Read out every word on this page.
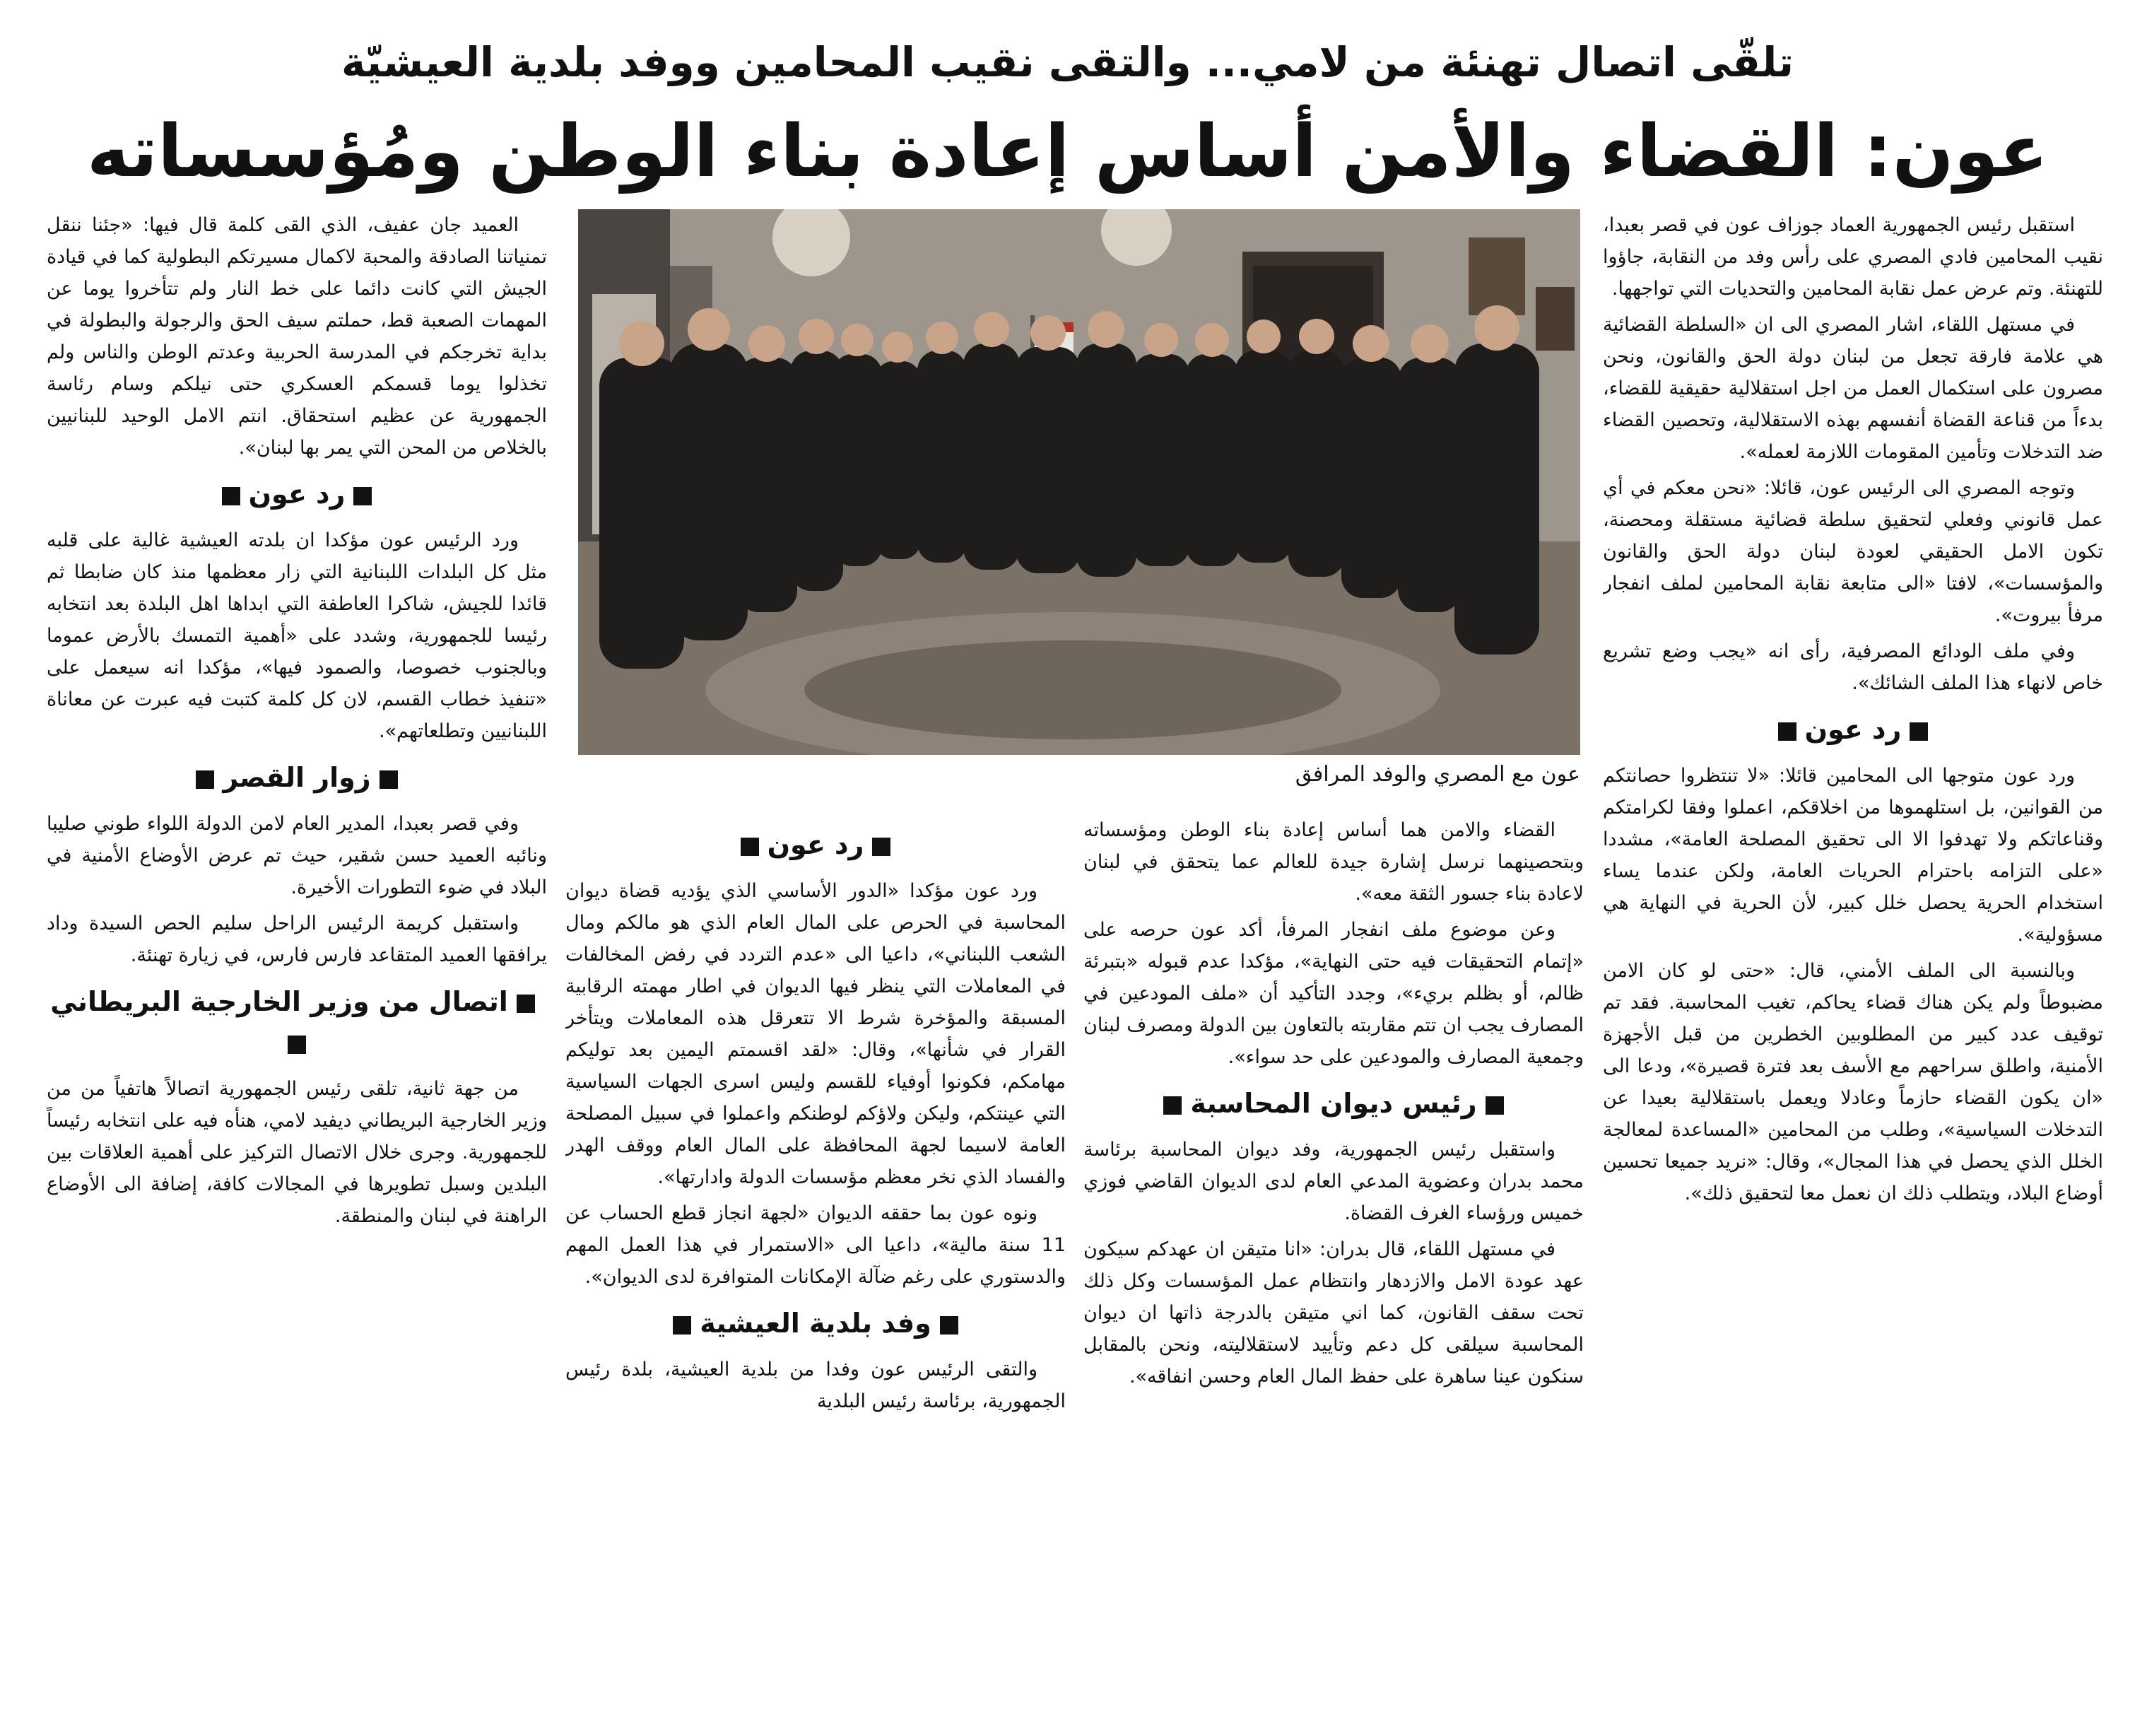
تلقّى اتصال تهنئة من لامي... والتقى نقيب المحامين ووفد بلدية العيشيّة
عون: القضاء والأمن أساس إعادة بناء الوطن ومُؤسساته

استقبل رئيس الجمهورية العماد جوزاف عون في قصر بعبدا، نقيب المحامين فادي المصري على رأس وفد من النقابة، جاؤوا للتهنئة. وتم عرض عمل نقابة المحامين والتحديات التي تواجهها.

في مستهل اللقاء، اشار المصري الى ان «السلطة القضائية هي علامة فارقة تجعل من لبنان دولة الحق والقانون، ونحن مصرون على استكمال العمل من اجل استقلالية حقيقية للقضاء، بدءاً من قناعة القضاة أنفسهم بهذه الاستقلالية، وتحصين القضاء ضد التدخلات وتأمين المقومات اللازمة لعمله».

وتوجه المصري الى الرئيس عون، قائلا: «نحن معكم في أي عمل قانوني وفعلي لتحقيق سلطة قضائية مستقلة ومحصنة، تكون الامل الحقيقي لعودة لبنان دولة الحق والقانون والمؤسسات»، لافتا «الى متابعة نقابة المحامين لملف انفجار مرفأ بيروت».

وفي ملف الودائع المصرفية، رأى انه «يجب وضع تشريع خاص لانهاء هذا الملف الشائك».

رد عون

ورد عون متوجها الى المحامين قائلا: «لا تنتظروا حصانتكم من القوانين، بل استلهموها من اخلاقكم، اعملوا وفقا لكرامتكم وقناعاتكم ولا تهدفوا الا الى تحقيق المصلحة العامة»، مشددا «على التزامه باحترام الحريات العامة، ولكن عندما يساء استخدام الحرية يحصل خلل كبير، لأن الحرية في النهاية هي مسؤولية».

وبالنسبة الى الملف الأمني، قال: «حتى لو كان الامن مضبوطاً ولم يكن هناك قضاء يحاكم، تغيب المحاسبة. فقد تم توقيف عدد كبير من المطلوبين الخطرين من قبل الأجهزة الأمنية، واطلق سراحهم مع الأسف بعد فترة قصيرة»، ودعا الى «ان يكون القضاء حازماً وعادلا ويعمل باستقلالية بعيدا عن التدخلات السياسية»، وطلب من المحامين «المساعدة لمعالجة الخلل الذي يحصل في هذا المجال»، وقال: «نريد جميعا تحسين أوضاع البلاد، ويتطلب ذلك ان نعمل معا لتحقيق ذلك».

عون مع المصري والوفد المرافق

القضاء والامن هما أساس إعادة بناء الوطن ومؤسساته وبتحصينهما نرسل إشارة جيدة للعالم عما يتحقق في لبنان لاعادة بناء جسور الثقة معه».

وعن موضوع ملف انفجار المرفأ، أكد عون حرصه على «إتمام التحقيقات فيه حتى النهاية»، مؤكدا عدم قبوله «بتبرئة ظالم، أو بظلم بريء»، وجدد التأكيد أن «ملف المودعين في المصارف يجب ان تتم مقاربته بالتعاون بين الدولة ومصرف لبنان وجمعية المصارف والمودعين على حد سواء».

رئيس ديوان المحاسبة

واستقبل رئيس الجمهورية، وفد ديوان المحاسبة برئاسة محمد بدران وعضوية المدعي العام لدى الديوان القاضي فوزي خميس ورؤساء الغرف القضاة.

في مستهل اللقاء، قال بدران: «انا متيقن ان عهدكم سيكون عهد عودة الامل والازدهار وانتظام عمل المؤسسات وكل ذلك تحت سقف القانون، كما اني متيقن بالدرجة ذاتها ان ديوان المحاسبة سيلقى كل دعم وتأييد لاستقلاليته، ونحن بالمقابل سنكون عينا ساهرة على حفظ المال العام وحسن انفاقه».

رد عون

ورد عون مؤكدا «الدور الأساسي الذي يؤديه قضاة ديوان المحاسبة في الحرص على المال العام الذي هو مالكم ومال الشعب اللبناني»، داعيا الى «عدم التردد في رفض المخالفات في المعاملات التي ينظر فيها الديوان في اطار مهمته الرقابية المسبقة والمؤخرة شرط الا تتعرقل هذه المعاملات ويتأخر القرار في شأنها»، وقال: «لقد اقسمتم اليمين بعد توليكم مهامكم، فكونوا أوفياء للقسم وليس اسرى الجهات السياسية التي عينتكم، وليكن ولاؤكم لوطنكم واعملوا في سبيل المصلحة العامة لاسيما لجهة المحافظة على المال العام ووقف الهدر والفساد الذي نخر معظم مؤسسات الدولة وادارتها».

ونوه عون بما حققه الديوان «لجهة انجاز قطع الحساب عن 11 سنة مالية»، داعيا الى «الاستمرار في هذا العمل المهم والدستوري على رغم ضآلة الإمكانات المتوافرة لدى الديوان».

وفد بلدية العيشية

والتقى الرئيس عون وفدا من بلدية العيشية، بلدة رئيس الجمهورية، برئاسة رئيس البلدية

العميد جان عفيف، الذي القى كلمة قال فيها: «جئنا ننقل تمنياتنا الصادقة والمحبة لاكمال مسيرتكم البطولية كما في قيادة الجيش التي كانت دائما على خط النار ولم تتأخروا يوما عن المهمات الصعبة قط، حملتم سيف الحق والرجولة والبطولة في بداية تخرجكم في المدرسة الحربية وعدتم الوطن والناس ولم تخذلوا يوما قسمكم العسكري حتى نيلكم وسام رئاسة الجمهورية عن عظيم استحقاق. انتم الامل الوحيد للبنانيين بالخلاص من المحن التي يمر بها لبنان».

رد عون

ورد الرئيس عون مؤكدا ان بلدته العيشية غالية على قلبه مثل كل البلدات اللبنانية التي زار معظمها منذ كان ضابطا ثم قائدا للجيش، شاكرا العاطفة التي ابداها اهل البلدة بعد انتخابه رئيسا للجمهورية، وشدد على «أهمية التمسك بالأرض عموما وبالجنوب خصوصا، والصمود فيها»، مؤكدا انه سيعمل على «تنفيذ خطاب القسم، لان كل كلمة كتبت فيه عبرت عن معاناة اللبنانيين وتطلعاتهم».

زوار القصر

وفي قصر بعبدا، المدير العام لامن الدولة اللواء طوني صليبا ونائبه العميد حسن شقير، حيث تم عرض الأوضاع الأمنية في البلاد في ضوء التطورات الأخيرة.

واستقبل كريمة الرئيس الراحل سليم الحص السيدة وداد يرافقها العميد المتقاعد فارس فارس، في زيارة تهنئة.

اتصال من وزير الخارجية البريطاني

من جهة ثانية، تلقى رئيس الجمهورية اتصالاً هاتفياً من من وزير الخارجية البريطاني ديفيد لامي، هنأه فيه على انتخابه رئيساً للجمهورية. وجرى خلال الاتصال التركيز على أهمية العلاقات بين البلدين وسبل تطويرها في المجالات كافة، إضافة الى الأوضاع الراهنة في لبنان والمنطقة.
